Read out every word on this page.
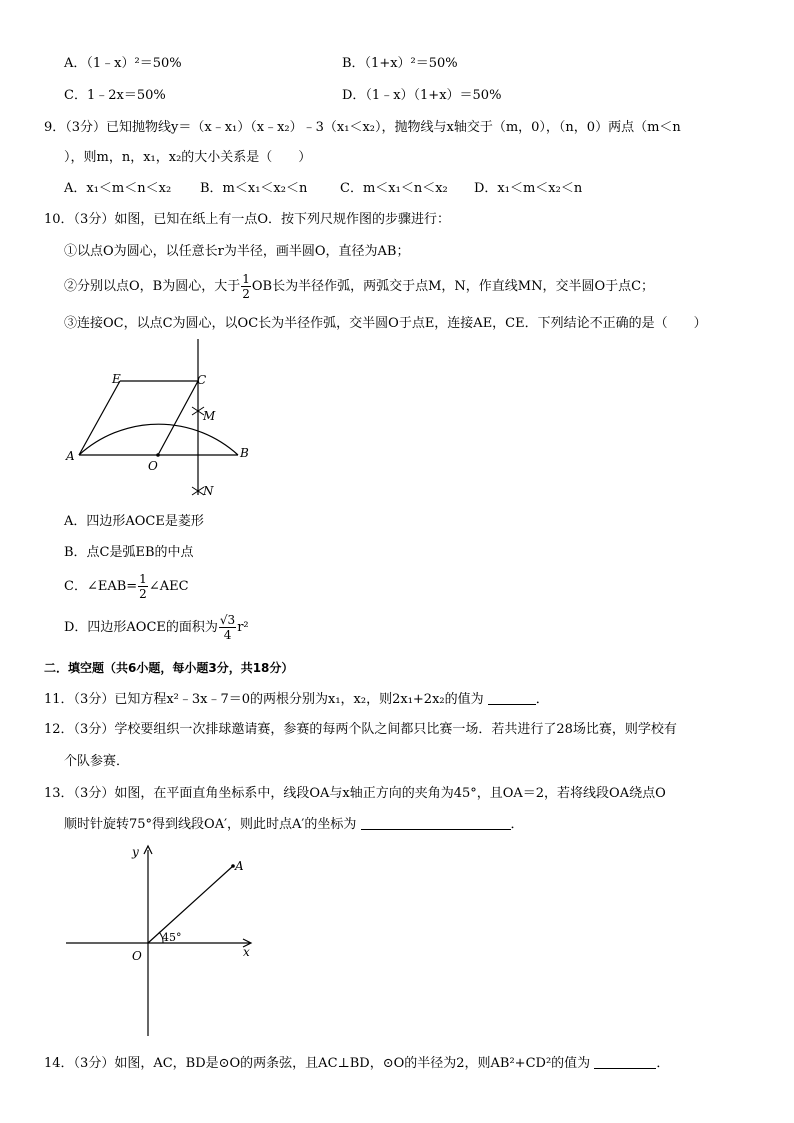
A．（1﹣x）²＝50%	B．（1+x）²＝50%
C．1﹣2x＝50%	D．（1﹣x）（1+x）＝50%
9．（3分）已知抛物线y＝（x﹣x₁）（x﹣x₂）﹣3（x₁＜x₂），抛物线与x轴交于（m，0），（n，0）两点（m＜n
），则m，n，x₁，x₂的大小关系是（　　）
A．x₁＜m＜n＜x₂ B．m＜x₁＜x₂＜n	C．m＜x₁＜n＜x₂ D．x₁＜m＜x₂＜n
10．（3分）如图，已知在纸上有一点O．按下列尺规作图的步骤进行：
①以点O为圆心，以任意长r为半径，画半圆O，直径为AB；
②分别以点O，B为圆心，大于 $\frac{1}{2}$ OB长为半径作弧，两弧交于点M，N，作直线MN，交半圆O于点C；
③连接OC，以点C为圆心，以OC长为半径作弧，交半圆O于点E，连接AE，CE．下列结论不正确的是（　　）
E	C
M
A
O
B
N
A．四边形AOCE是菱形
B．点C是弧EB的中点
C．∠EAB= $\frac{1}{2}$ ∠AEC
D．四边形AOCE的面积为 $\frac{√3}{4} r^2$
二．填空题（共6小题，每小题3分，共18分）
11．（3分）已知方程x²﹣3x﹣7＝0的两根分别为x₁，x₂，则2x₁+2x₂的值为	．
12．（3分）学校要组织一次排球邀请赛，参赛的每两个队之间都只比赛一场．若共进行了28场比赛，则学校有
个队参赛．
13．（3分）如图，在平面直角坐标系中，线段OA与x轴正方向的夹角为45°，且OA＝2，若将线段OA绕点O
顺时针旋转75°得到线段OA′，则此时点A′的坐标为	．
y
x
O
A
45°
14．（3分）如图，AC，BD是⊙O的两条弦，且AC⊥BD，⊙O的半径为2，则AB²+CD²的值为	．
